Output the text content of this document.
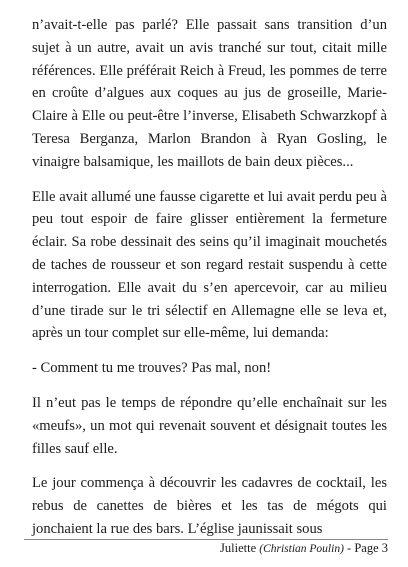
n’avait-t-elle pas parlé? Elle passait sans transition d’un sujet à un autre, avait un avis tranché sur tout, citait mille références. Elle préférait Reich à Freud, les pommes de terre en croûte d’algues aux coques au jus de groseille, Marie-Claire à Elle ou peut-être l’inverse, Elisabeth Schwarzkopf à Teresa Berganza, Marlon Brandon à Ryan Gosling, le vinaigre balsamique, les maillots de bain deux pièces...

Elle avait allumé une fausse cigarette et lui avait perdu peu à peu tout espoir de faire glisser entièrement la fermeture éclair. Sa robe dessinait des seins qu’il imaginait mouchetés de taches de rousseur et son regard restait suspendu à cette interrogation. Elle avait du s’en apercevoir, car au milieu d’une tirade sur le tri sélectif en Allemagne elle se leva et, après un tour complet sur elle-même, lui demanda:

- Comment tu me trouves? Pas mal, non!

Il n’eut pas le temps de répondre qu’elle enchaînait sur les «meufs», un mot qui revenait souvent et désignait toutes les filles sauf elle.

Le jour commença à découvrir les cadavres de cocktail, les rebus de canettes de bières et les tas de mégots qui jonchaient la rue des bars. L’église jaunissait sous

Juliette (Christian Poulin) - Page 3
